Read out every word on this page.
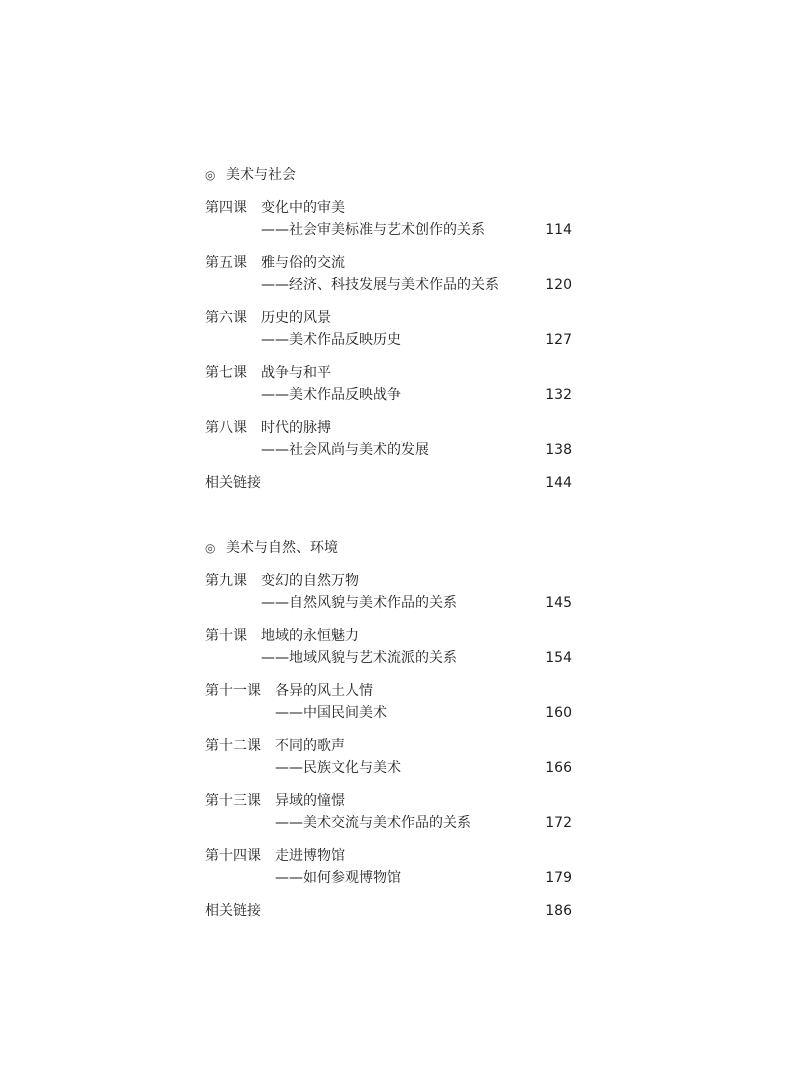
◎ 美术与社会
第四课 变化中的审美
——社会审美标准与艺术创作的关系	114
第五课 雅与俗的交流
——经济、科技发展与美术作品的关系	120
第六课 历史的风景
——美术作品反映历史	127
第七课 战争与和平
——美术作品反映战争	132
第八课 时代的脉搏
——社会风尚与美术的发展	138
相关链接	144
◎ 美术与自然、环境
第九课 变幻的自然万物
——自然风貌与美术作品的关系	145
第十课 地域的永恒魅力
——地域风貌与艺术流派的关系	154
第十一课 各异的风土人情
——中国民间美术	160
第十二课 不同的歌声
——民族文化与美术	166
第十三课 异域的憧憬
——美术交流与美术作品的关系	172
第十四课 走进博物馆
——如何参观博物馆	179
相关链接	186
